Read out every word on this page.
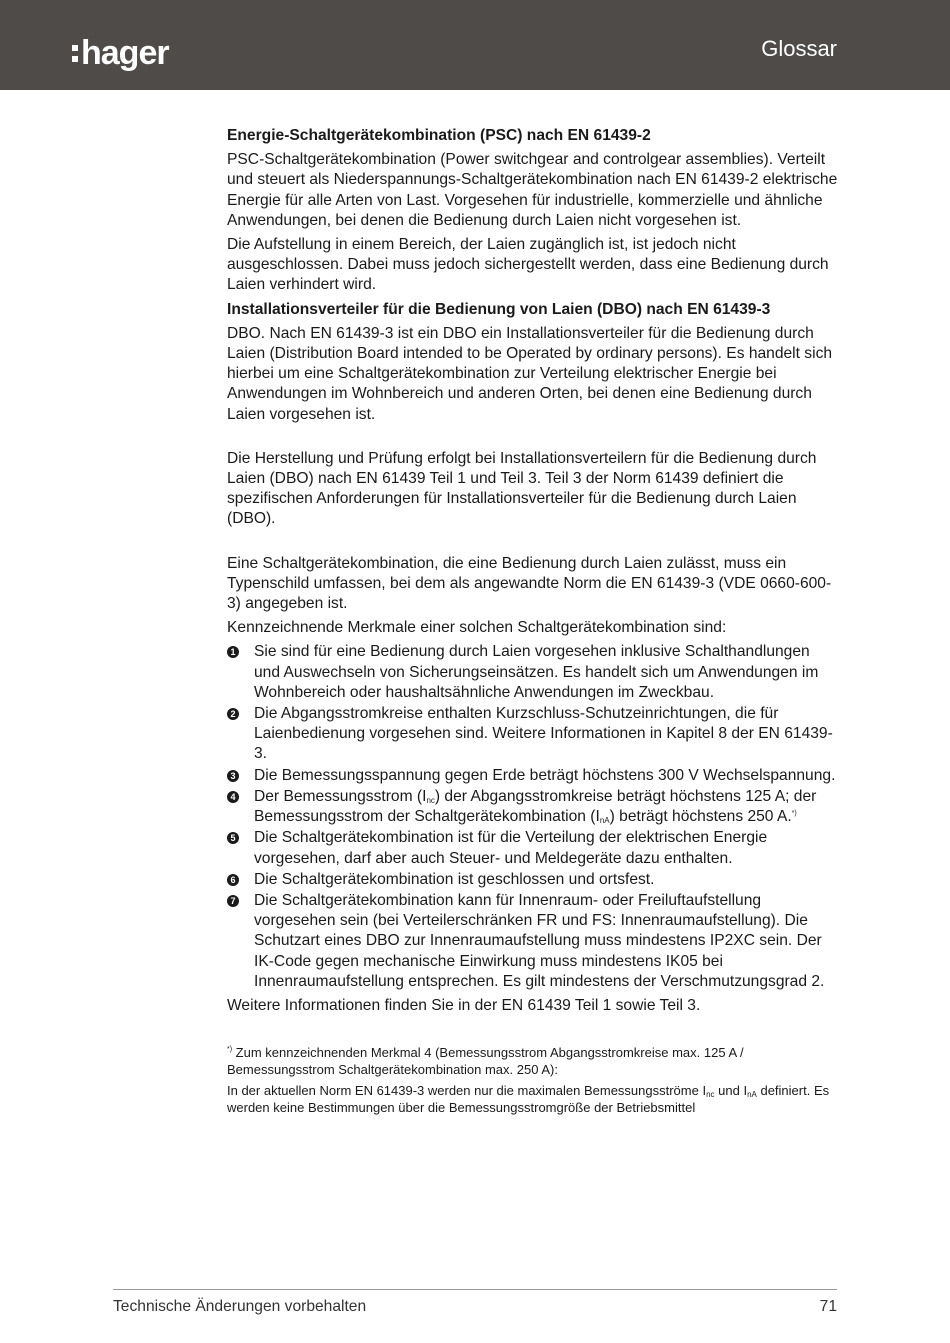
hager	Glossar
Energie-Schaltgerätekombination (PSC) nach EN 61439-2

PSC-Schaltgerätekombination (Power switchgear and controlgear assemblies). Verteilt und steuert als Niederspannungs-Schaltgerätekombination nach EN 61439-2 elektrische Energie für alle Arten von Last. Vorgesehen für industrielle, kommerzielle und ähnliche Anwendungen, bei denen die Bedienung durch Laien nicht vorgesehen ist.

Die Aufstellung in einem Bereich, der Laien zugänglich ist, ist jedoch nicht ausgeschlossen. Dabei muss jedoch sichergestellt werden, dass eine Bedienung durch Laien verhindert wird.

Installationsverteiler für die Bedienung von Laien (DBO) nach EN 61439-3

DBO. Nach EN 61439-3 ist ein DBO ein Installationsverteiler für die Bedienung durch Laien (Distribution Board intended to be Operated by ordinary persons). Es handelt sich hierbei um eine Schaltgerätekombination zur Verteilung elektrischer Energie bei Anwendungen im Wohnbereich und anderen Orten, bei denen eine Bedienung durch Laien vorgesehen ist.

Die Herstellung und Prüfung erfolgt bei Installationsverteilern für die Bedienung durch Laien (DBO) nach EN 61439 Teil 1 und Teil 3. Teil 3 der Norm 61439 definiert die spezifischen Anforderungen für Installationsverteiler für die Bedienung durch Laien (DBO).

Eine Schaltgerätekombination, die eine Bedienung durch Laien zulässt, muss ein Typenschild umfassen, bei dem als angewandte Norm die EN 61439-3 (VDE 0660-600-3) angegeben ist.

Kennzeichnende Merkmale einer solchen Schaltgerätekombination sind:

1 Sie sind für eine Bedienung durch Laien vorgesehen inklusive Schalthandlungen und Auswechseln von Sicherungseinsätzen. Es handelt sich um Anwendungen im Wohnbereich oder haushaltsähnliche Anwendungen im Zweckbau.
2 Die Abgangsstromkreise enthalten Kurzschluss-Schutzeinrichtungen, die für Laienbedienung vorgesehen sind. Weitere Informationen in Kapitel 8 der EN 61439-3.
3 Die Bemessungsspannung gegen Erde beträgt höchstens 300 V Wechselspannung.
4 Der Bemessungsstrom $(I_{nc})$ der Abgangsstromkreise beträgt höchstens 125 A; der Bemessungsstrom der Schaltgerätekombination $(I_{nA})$ beträgt höchstens 250 A.*)
5 Die Schaltgerätekombination ist für die Verteilung der elektrischen Energie vorgesehen, darf aber auch Steuer- und Meldegeräte dazu enthalten.
6 Die Schaltgerätekombination ist geschlossen und ortsfest.
7 Die Schaltgerätekombination kann für Innenraum- oder Freiluftaufstellung vorgesehen sein (bei Verteilerschränken FR und FS: Innenraumaufstellung). Die Schutzart eines DBO zur Innenraumaufstellung muss mindestens IP2XC sein. Der IK-Code gegen mechanische Einwirkung muss mindestens IK05 bei Innenraumaufstellung entsprechen. Es gilt mindestens der Verschmutzungsgrad 2.

Weitere Informationen finden Sie in der EN 61439 Teil 1 sowie Teil 3.

*) Zum kennzeichnenden Merkmal 4 (Bemessungsstrom Abgangsstromkreise max. 125 A / Bemessungsstrom Schaltgerätekombination max. 250 A):

In der aktuellen Norm EN 61439-3 werden nur die maximalen Bemessungsströme $I_{nc}$ und $I_{nA}$ definiert. Es werden keine Bestimmungen über die Bemessungsstromgröße der Betriebsmittel

Technische Änderungen vorbehalten	71
